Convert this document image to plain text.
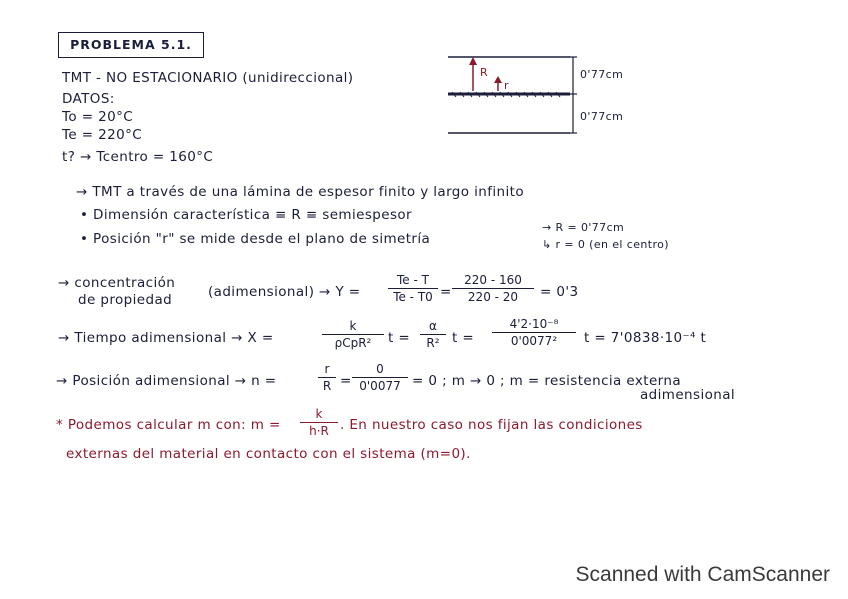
PROBLEMA 5.1.
TMT - NO ESTACIONARIO (unidireccional)
DATOS:
To = 20°C
Te = 220°C
t? → Tcentro = 160°C
R
r
0'77cm
0'77cm
→ TMT a través de una lámina de espesor finito y largo infinito
• Dimensión característica ≡ R ≡ semiespesor
• Posición "r" se mide desde el plano de simetría
→ R = 0'77cm
↳ r = 0 (en el centro)
→ concentración
de propiedad	(adimensional) → Y =
Te - T
Te - T0 =
220 - 160
220 - 20	= 0'3
→ Tiempo adimensional → X =
k
ρCpR²	t =
α
R² t =
4'2·10⁻⁸
0'0077²	t = 7'0838·10⁻⁴ t
→ Posición adimensional → n =
r
R =
0
0'0077 = 0 ; m → 0 ; m = resistencia externa
adimensional
* Podemos calcular m con: m =
k
h·R . En nuestro caso nos fijan las condiciones
externas del material en contacto con el sistema (m=0).
Scanned with CamScanner
